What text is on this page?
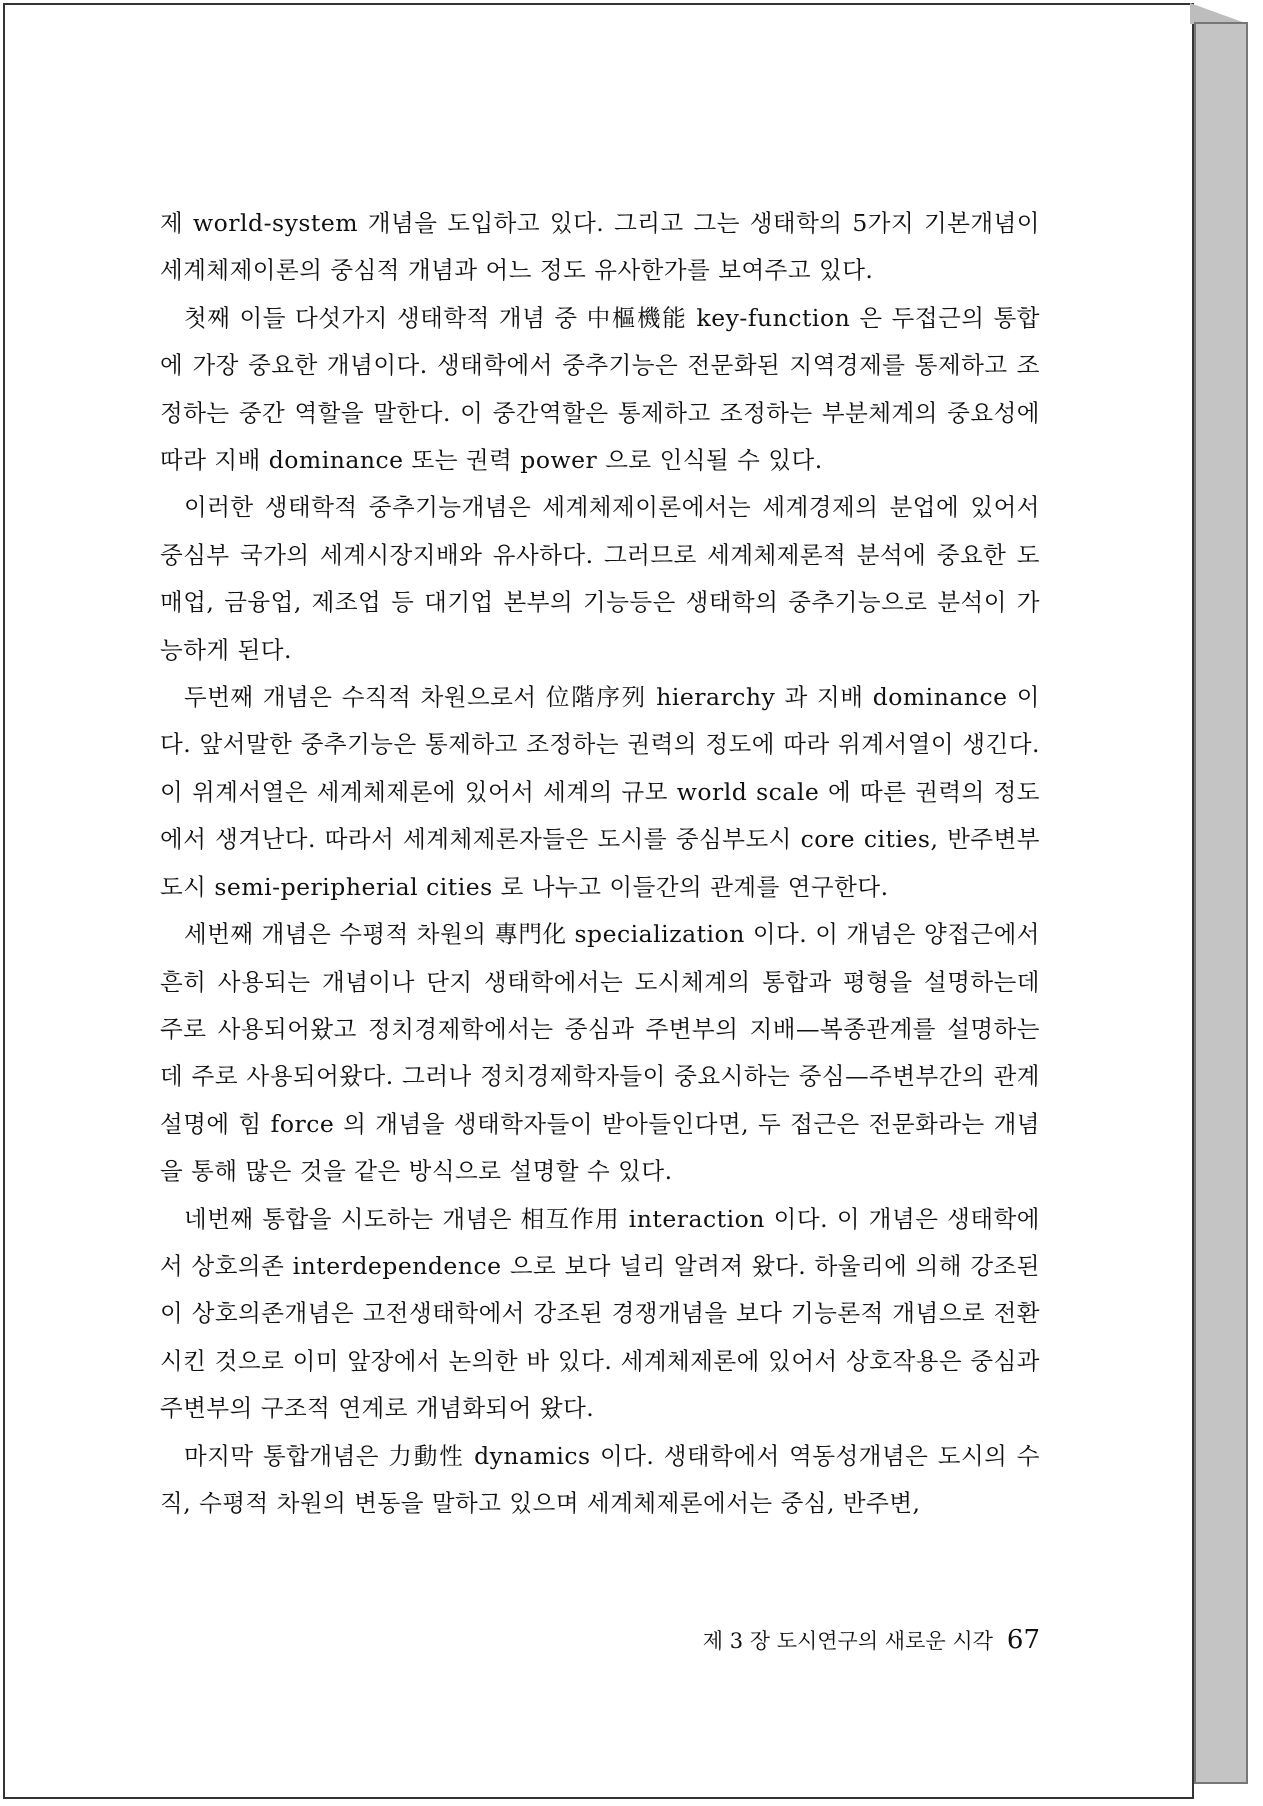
제 world-system 개념을 도입하고 있다. 그리고 그는 생태학의 5가지 기본개념이 세계체제이론의 중심적 개념과 어느 정도 유사한가를 보여주고 있다.

첫째 이들 다섯가지 생태학적 개념 중 中樞機能 key-function 은 두접근의 통합에 가장 중요한 개념이다. 생태학에서 중추기능은 전문화된 지역경제를 통제하고 조정하는 중간 역할을 말한다. 이 중간역할은 통제하고 조정하는 부분체계의 중요성에 따라 지배 dominance 또는 권력 power 으로 인식될 수 있다.

이러한 생태학적 중추기능개념은 세계체제이론에서는 세계경제의 분업에 있어서 중심부 국가의 세계시장지배와 유사하다. 그러므로 세계체제론적 분석에 중요한 도매업, 금융업, 제조업 등 대기업 본부의 기능등은 생태학의 중추기능으로 분석이 가능하게 된다.

두번째 개념은 수직적 차원으로서 位階序列 hierarchy 과 지배 dominance 이다. 앞서말한 중추기능은 통제하고 조정하는 권력의 정도에 따라 위계서열이 생긴다. 이 위계서열은 세계체제론에 있어서 세계의 규모 world scale 에 따른 권력의 정도에서 생겨난다. 따라서 세계체제론자들은 도시를 중심부도시 core cities, 반주변부도시 semi-peripherial cities 로 나누고 이들간의 관계를 연구한다.

세번째 개념은 수평적 차원의 專門化 specialization 이다. 이 개념은 양접근에서 흔히 사용되는 개념이나 단지 생태학에서는 도시체계의 통합과 평형을 설명하는데 주로 사용되어왔고 정치경제학에서는 중심과 주변부의 지배—복종관계를 설명하는데 주로 사용되어왔다. 그러나 정치경제학자들이 중요시하는 중심—주변부간의 관계설명에 힘 force 의 개념을 생태학자들이 받아들인다면, 두 접근은 전문화라는 개념을 통해 많은 것을 같은 방식으로 설명할 수 있다.

네번째 통합을 시도하는 개념은 相互作用 interaction 이다. 이 개념은 생태학에서 상호의존 interdependence 으로 보다 널리 알려져 왔다. 하울리에 의해 강조된 이 상호의존개념은 고전생태학에서 강조된 경쟁개념을 보다 기능론적 개념으로 전환시킨 것으로 이미 앞장에서 논의한 바 있다. 세계체제론에 있어서 상호작용은 중심과 주변부의 구조적 연계로 개념화되어 왔다.

마지막 통합개념은 力動性 dynamics 이다. 생태학에서 역동성개념은 도시의 수직, 수평적 차원의 변동을 말하고 있으며 세계체제론에서는 중심, 반주변,

제 3 장 도시연구의 새로운 시각 67
